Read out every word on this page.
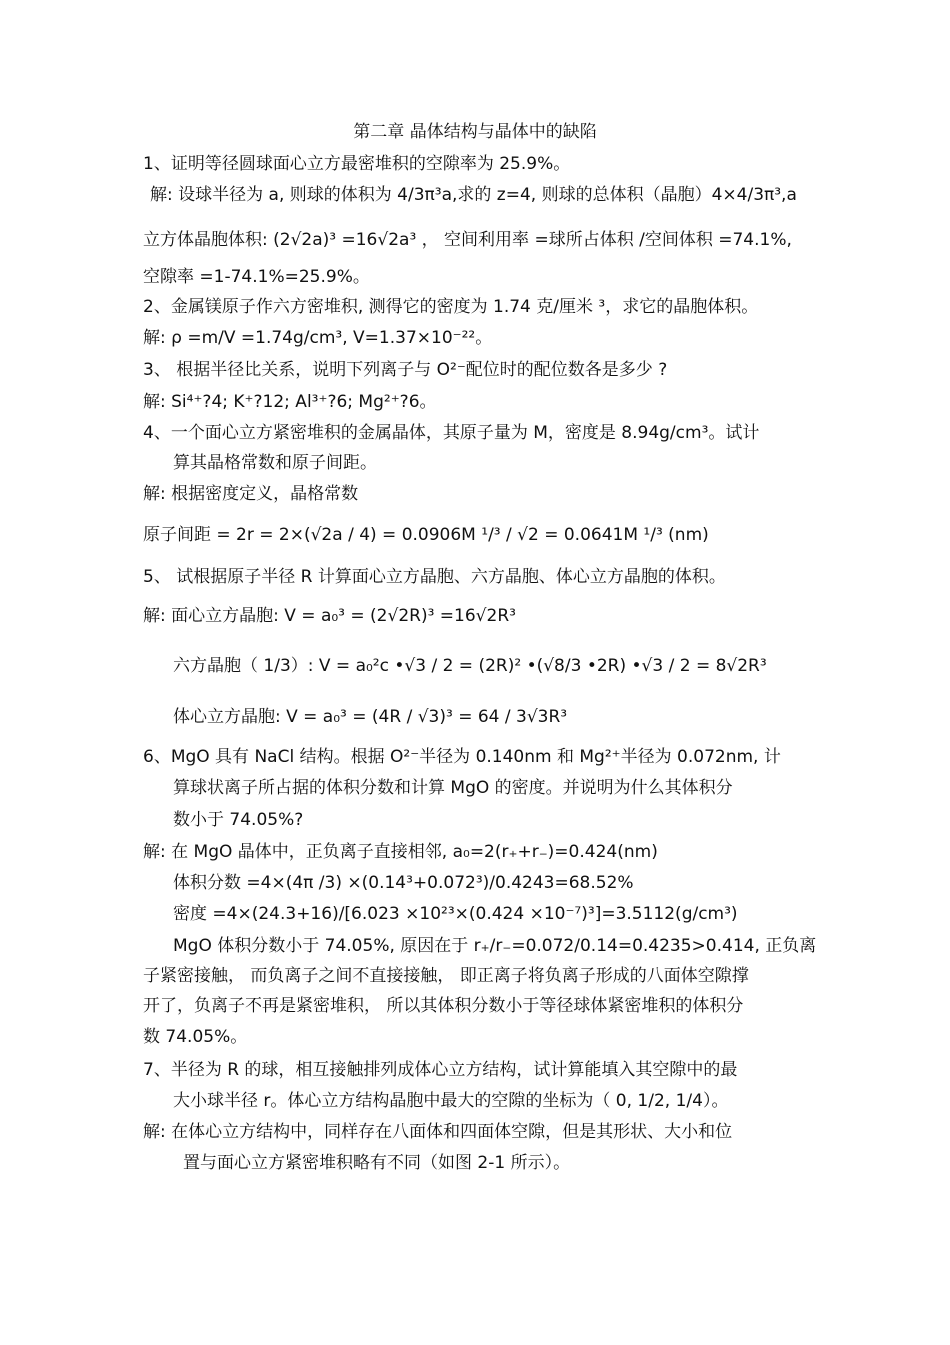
第二章 晶体结构与晶体中的缺陷
1、证明等径圆球面心立方最密堆积的空隙率为 25.9%。
解: 设球半径为 a, 则球的体积为 4/3π³a,求的 z=4, 则球的总体积（晶胞）4×4/3π³,a
立方体晶胞体积: (2√2a)³ =16√2a³ ， 空间利用率 =球所占体积 /空间体积 =74.1%,
空隙率 =1-74.1%=25.9%。
2、金属镁原子作六方密堆积, 测得它的密度为 1.74 克/厘米 ³，求它的晶胞体积。
解: ρ =m/V =1.74g/cm³, V=1.37×10⁻²²。
3、 根据半径比关系，说明下列离子与 O²⁻配位时的配位数各是多少 ?
解: Si⁴⁺?4; K⁺?12; Al³⁺?6; Mg²⁺?6。
4、一个面心立方紧密堆积的金属晶体，其原子量为 M，密度是 8.94g/cm³。试计
算其晶格常数和原子间距。
解: 根据密度定义，晶格常数
原子间距 = 2r = 2×(√2a / 4) = 0.0906M ¹/³ / √2 = 0.0641M ¹/³ (nm)
5、 试根据原子半径 R 计算面心立方晶胞、六方晶胞、体心立方晶胞的体积。
解: 面心立方晶胞: V = a₀³ = (2√2R)³ =16√2R³
六方晶胞（ 1/3）: V = a₀²c •√3 / 2 = (2R)² •(√8/3 •2R) •√3 / 2 = 8√2R³
体心立方晶胞: V = a₀³ = (4R / √3)³ = 64 / 3√3R³
6、MgO 具有 NaCl 结构。根据 O²⁻半径为 0.140nm 和 Mg²⁺半径为 0.072nm, 计
算球状离子所占据的体积分数和计算 MgO 的密度。并说明为什么其体积分
数小于 74.05%?
解: 在 MgO 晶体中，正负离子直接相邻, a₀=2(r₊+r₋)=0.424(nm)
体积分数 =4×(4π /3) ×(0.14³+0.072³)/0.4243=68.52%
密度 =4×(24.3+16)/[6.023 ×10²³×(0.424 ×10⁻⁷)³]=3.5112(g/cm³)
MgO 体积分数小于 74.05%, 原因在于 r₊/r₋=0.072/0.14=0.4235>0.414, 正负离
子紧密接触， 而负离子之间不直接接触， 即正离子将负离子形成的八面体空隙撑
开了，负离子不再是紧密堆积， 所以其体积分数小于等径球体紧密堆积的体积分
数 74.05%。
7、半径为 R 的球，相互接触排列成体心立方结构，试计算能填入其空隙中的最
大小球半径 r。体心立方结构晶胞中最大的空隙的坐标为（ 0, 1/2, 1/4）。
解: 在体心立方结构中，同样存在八面体和四面体空隙，但是其形状、大小和位
置与面心立方紧密堆积略有不同（如图 2-1 所示）。
